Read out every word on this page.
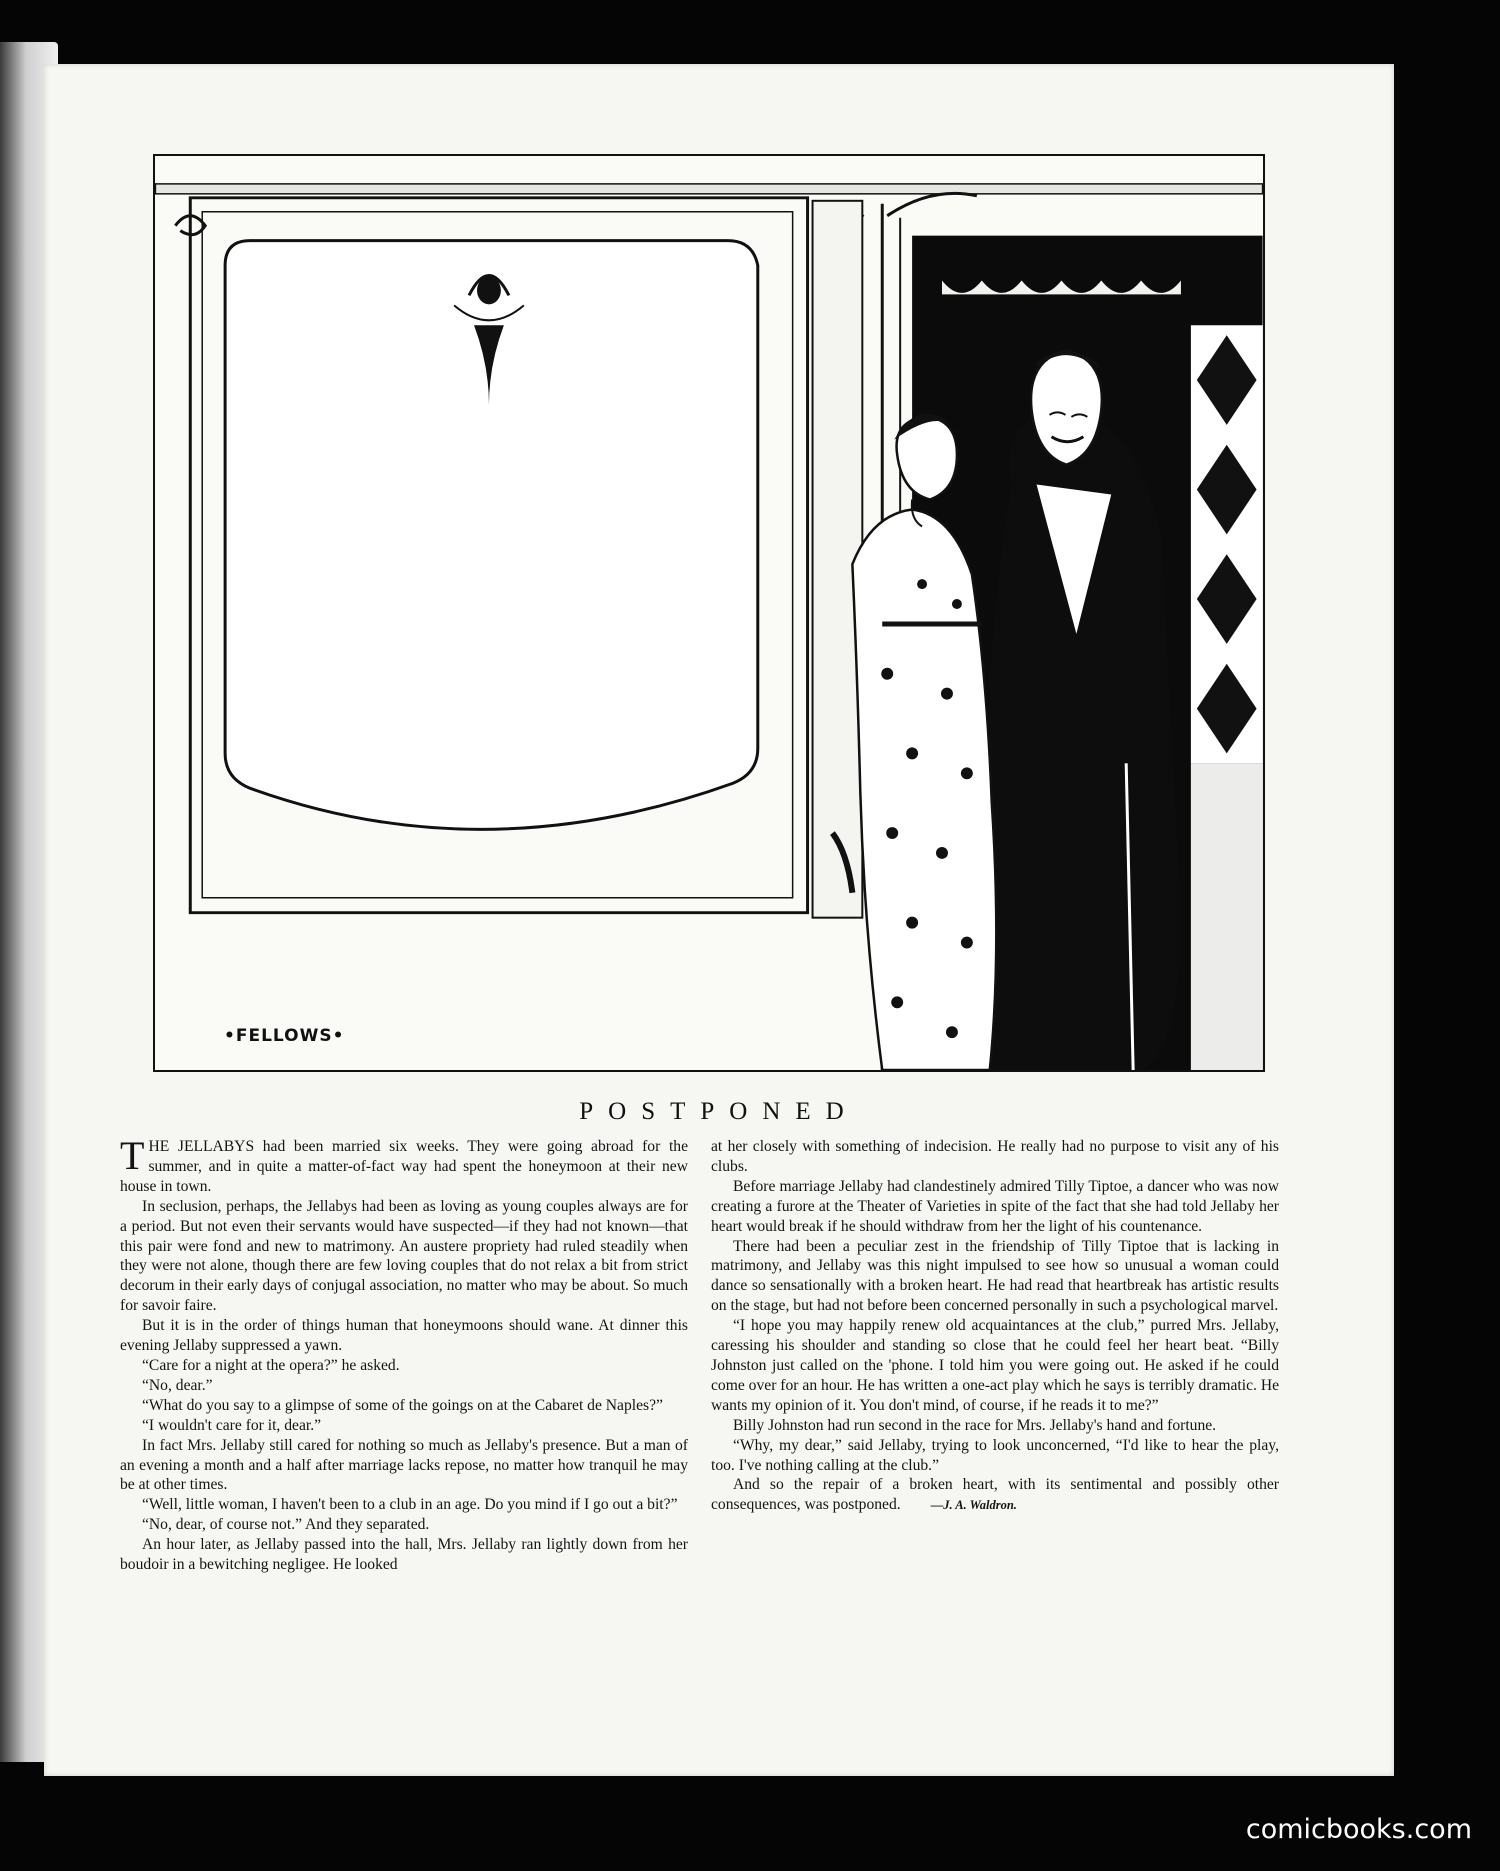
•FELLOWS•
POSTPONED

THE JELLABYS had been married six weeks. They were going abroad for the summer, and in quite a matter-of-fact way had spent the honeymoon at their new house in town.

In seclusion, perhaps, the Jellabys had been as loving as young couples always are for a period. But not even their servants would have suspected—if they had not known—that this pair were fond and new to matrimony. An austere propriety had ruled steadily when they were not alone, though there are few loving couples that do not relax a bit from strict decorum in their early days of conjugal association, no matter who may be about. So much for savoir faire.

But it is in the order of things human that honeymoons should wane. At dinner this evening Jellaby suppressed a yawn.

“Care for a night at the opera?” he asked.

“No, dear.”

“What do you say to a glimpse of some of the goings on at the Cabaret de Naples?”

“I wouldn't care for it, dear.”

In fact Mrs. Jellaby still cared for nothing so much as Jellaby's presence. But a man of an evening a month and a half after marriage lacks repose, no matter how tranquil he may be at other times.

“Well, little woman, I haven't been to a club in an age. Do you mind if I go out a bit?”

“No, dear, of course not.” And they separated.

An hour later, as Jellaby passed into the hall, Mrs. Jellaby ran lightly down from her boudoir in a bewitching negligee. He looked

at her closely with something of indecision. He really had no purpose to visit any of his clubs.

Before marriage Jellaby had clandestinely admired Tilly Tiptoe, a dancer who was now creating a furore at the Theater of Varieties in spite of the fact that she had told Jellaby her heart would break if he should withdraw from her the light of his countenance.

There had been a peculiar zest in the friendship of Tilly Tiptoe that is lacking in matrimony, and Jellaby was this night impulsed to see how so unusual a woman could dance so sensationally with a broken heart. He had read that heartbreak has artistic results on the stage, but had not before been concerned personally in such a psychological marvel.

“I hope you may happily renew old acquaintances at the club,” purred Mrs. Jellaby, caressing his shoulder and standing so close that he could feel her heart beat. “Billy Johnston just called on the 'phone. I told him you were going out. He asked if he could come over for an hour. He has written a one-act play which he says is terribly dramatic. He wants my opinion of it. You don't mind, of course, if he reads it to me?”

Billy Johnston had run second in the race for Mrs. Jellaby's hand and fortune.

“Why, my dear,” said Jellaby, trying to look unconcerned, “I'd like to hear the play, too. I've nothing calling at the club.”

And so the repair of a broken heart, with its sentimental and possibly other consequences, was postponed. —J. A. Waldron.

comicbooks.com
